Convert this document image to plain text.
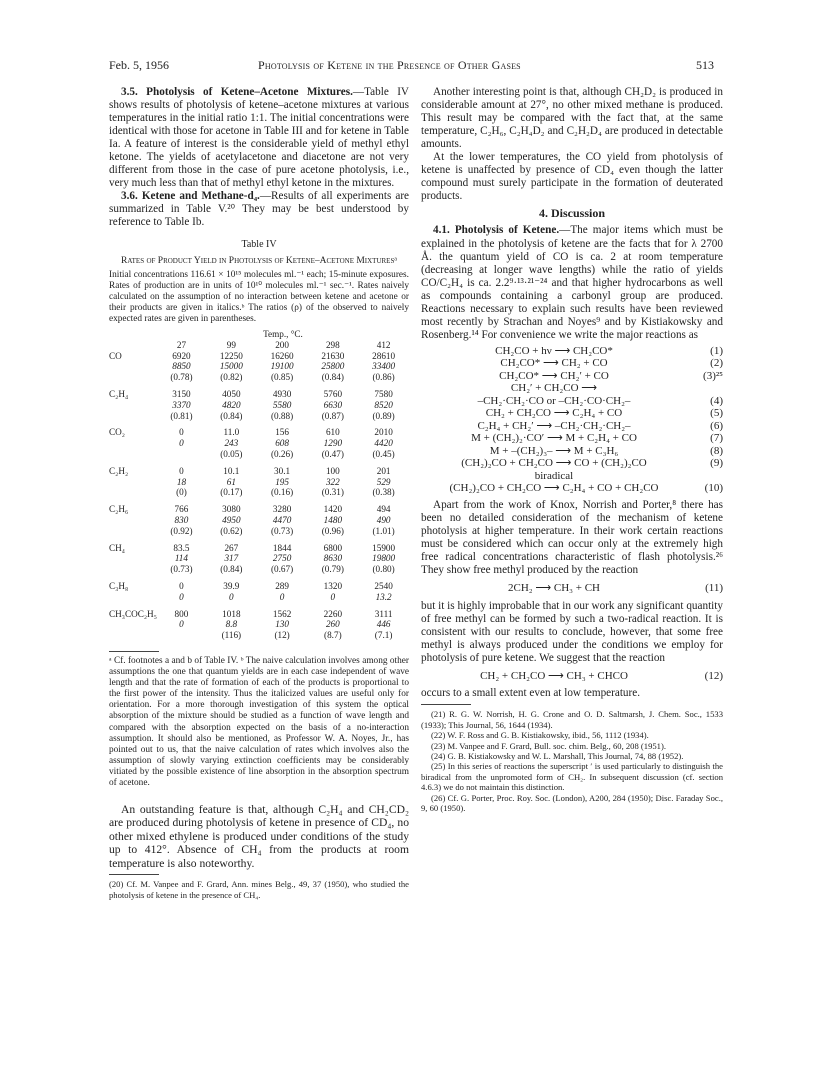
Feb. 5, 1956	Photolysis of Ketene in the Presence of Other Gases	513

3.5. Photolysis of Ketene–Acetone Mixtures.—Table IV shows results of photolysis of ketene–acetone mixtures at various temperatures in the initial ratio 1:1. The initial concentrations were identical with those for acetone in Table III and for ketene in Table Ia. A feature of interest is the considerable yield of methyl ethyl ketone. The yields of acetylacetone and diacetone are not very different from those in the case of pure acetone photolysis, i.e., very much less than that of methyl ethyl ketone in the mixtures.

3.6. Ketene and Methane-d₄.—Results of all experiments are summarized in Table V.²⁰ They may be best understood by reference to Table Ib.

Table IV
Rates of Product Yield in Photolysis of Ketene–Acetone Mixturesᵃ
Initial concentrations 116.61 × 10¹⁵ molecules ml.⁻¹ each; 15-minute exposures. Rates of production are in units of 10¹⁰ molecules ml.⁻¹ sec.⁻¹. Rates naively calculated on the assumption of no interaction between ketene and acetone or their products are given in italics.ᵇ The ratios (ρ) of the observed to naively expected rates are given in parentheses.
	Temp., °C.				
	27	99	200	298	412
CO	6920	12250	16260	21630	28610
	8850	15000	19100	25800	33400
	(0.78)	(0.82)	(0.85)	(0.84)	(0.86)

C₂H₄	3150	4050	4930	5760	7580
	3370	4820	5580	6630	8520
	(0.81)	(0.84)	(0.88)	(0.87)	(0.89)

CO₂	0	11.0	156	610	2010
	0	243	608	1290	4420
		(0.05)	(0.26)	(0.47)	(0.45)

C₂H₂	0	10.1	30.1	100	201
	18	61	195	322	529
	(0)	(0.17)	(0.16)	(0.31)	(0.38)

C₂H₆	766	3080	3280	1420	494
	830	4950	4470	1480	490
	(0.92)	(0.62)	(0.73)	(0.96)	(1.01)

CH₄	83.5	267	1844	6800	15900
	114	317	2750	8630	19800
	(0.73)	(0.84)	(0.67)	(0.79)	(0.80)

C₃H₈	0	39.9	289	1320	2540
	0	0	0	0	13.2

CH₃COC₂H₅	800	1018	1562	2260	3111
	0	8.8	130	260	446
		(116)	(12)	(8.7)	(7.1)

ᵃ Cf. footnotes a and b of Table IV. ᵇ The naive calculation involves among other assumptions the one that quantum yields are in each case independent of wave length and that the rate of formation of each of the products is proportional to the first power of the intensity. Thus the italicized values are useful only for orientation. For a more thorough investigation of this system the optical absorption of the mixture should be studied as a function of wave length and compared with the absorption expected on the basis of a no-interaction assumption. It should also be mentioned, as Professor W. A. Noyes, Jr., has pointed out to us, that the naive calculation of rates which involves also the assumption of slowly varying extinction coefficients may be considerably vitiated by the possible existence of line absorption in the absorption spectrum of acetone.

An outstanding feature is that, although C₂H₄ and CH₂CD₂ are produced during photolysis of ketene in presence of CD₄, no other mixed ethylene is produced under conditions of the study up to 412°. Absence of CH₄ from the products at room temperature is also noteworthy.

(20) Cf. M. Vanpee and F. Grard, Ann. mines Belg., 49, 37 (1950), who studied the photolysis of ketene in the presence of CH₄.

Another interesting point is that, although CH₂D₂ is produced in considerable amount at 27°, no other mixed methane is produced. This result may be compared with the fact that, at the same temperature, C₂H₆, C₂H₄D₂ and C₂H₂D₄ are produced in detectable amounts.

At the lower temperatures, the CO yield from photolysis of ketene is unaffected by presence of CD₄ even though the latter compound must surely participate in the formation of deuterated products.

4. Discussion

4.1. Photolysis of Ketene.—The major items which must be explained in the photolysis of ketene are the facts that for λ 2700 Å. the quantum yield of CO is ca. 2 at room temperature (decreasing at longer wave lengths) while the ratio of yields CO/C₂H₄ is ca. 2.2⁹·¹³·²¹⁻²⁴ and that higher hydrocarbons as well as compounds containing a carbonyl group are produced. Reactions necessary to explain such results have been reviewed most recently by Strachan and Noyes⁹ and by Kistiakowsky and Rosenberg.¹⁴ For convenience we write the major reactions as

CH₂CO + hν ⟶ CH₂CO*	(1)
CH₂CO* ⟶ CH₂ + CO	(2)
CH₂CO* ⟶ CH₂′ + CO	(3)²⁵
CH₂′ + CH₂CO ⟶
–CH₂·CH₂·CO or –CH₂·CO·CH₂–	(4)
CH₂ + CH₂CO ⟶ C₂H₄ + CO	(5)
C₂H₄ + CH₂′ ⟶ –CH₂·CH₂·CH₂–	(6)
M + (CH₂)₂·CO′ ⟶ M + C₂H₄ + CO	(7)
M + –(CH₂)₃– ⟶ M + C₃H₆	(8)
(CH₂)₂CO + CH₂CO ⟶ CO + (CH₂)₂CO	(9)
biradical
(CH₂)₂CO + CH₂CO ⟶ C₂H₄ + CO + CH₂CO	(10)

Apart from the work of Knox, Norrish and Porter,⁸ there has been no detailed consideration of the mechanism of ketene photolysis at higher temperature. In their work certain reactions must be considered which can occur only at the extremely high free radical concentrations characteristic of flash photolysis.²⁶ They show free methyl produced by the reaction

2CH₂ ⟶ CH₃ + CH	(11)

but it is highly improbable that in our work any significant quantity of free methyl can be formed by such a two-radical reaction. It is consistent with our results to conclude, however, that some free methyl is always produced under the conditions we employ for photolysis of pure ketene. We suggest that the reaction

CH₂ + CH₂CO ⟶ CH₃ + CHCO	(12)

occurs to a small extent even at low temperature.

(21) R. G. W. Norrish, H. G. Crone and O. D. Saltmarsh, J. Chem. Soc., 1533 (1933); This Journal, 56, 1644 (1934).
(22) W. F. Ross and G. B. Kistiakowsky, ibid., 56, 1112 (1934).
(23) M. Vanpee and F. Grard, Bull. soc. chim. Belg., 60, 208 (1951).
(24) G. B. Kistiakowsky and W. L. Marshall, This Journal, 74, 88 (1952).
(25) In this series of reactions the superscript ′ is used particularly to distinguish the biradical from the unpromoted form of CH₂. In subsequent discussion (cf. section 4.6.3) we do not maintain this distinction.
(26) Cf. G. Porter, Proc. Roy. Soc. (London), A200, 284 (1950); Disc. Faraday Soc., 9, 60 (1950).
